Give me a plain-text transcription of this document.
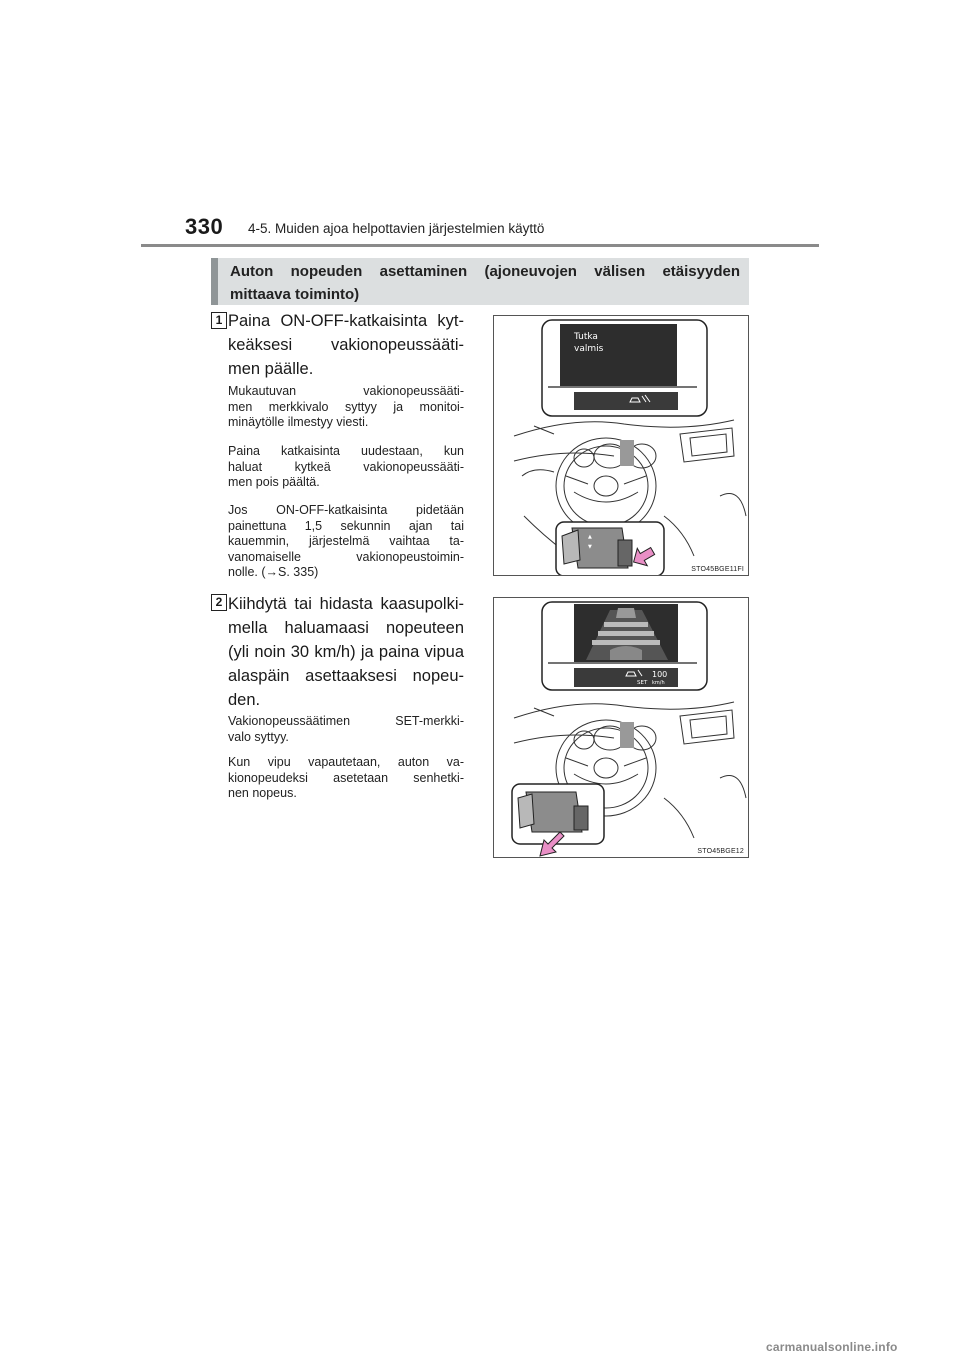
330 4-5. Muiden ajoa helpottavien järjestelmien käyttö
Auton nopeuden asettaminen (ajoneuvojen välisen etäisyyden
mittaava toiminto)
1 Paina ON-OFF-katkaisinta kyt-
keäksesi vakionopeussääti-
men päälle.
Mukautuvan vakionopeussääti-
men merkkivalo syttyy ja monitoi-
minäytölle ilmestyy viesti.
Paina katkaisinta uudestaan, kun
haluat kytkeä vakionopeussääti-
men pois päältä.
Jos ON-OFF-katkaisinta pidetään
painettuna 1,5 sekunnin ajan tai
kauemmin, järjestelmä vaihtaa ta-
vanomaiselle vakionopeustoimin-
nolle. (→S. 335)
Tutka
valmis
▲
▼
STO45BGE11FI
2 Kiihdytä tai hidasta kaasupolki-
mella haluamaasi nopeuteen
(yli noin 30 km/h) ja paina vipua
alaspäin asettaaksesi nopeu-
den.
Vakionopeussäätimen SET-merkki-
valo syttyy.
Kun vipu vapautetaan, auton va-
kionopeudeksi asetetaan senhetki-
nen nopeus.
SET
100
km/h
STO45BGE12
carmanualsonline.info
